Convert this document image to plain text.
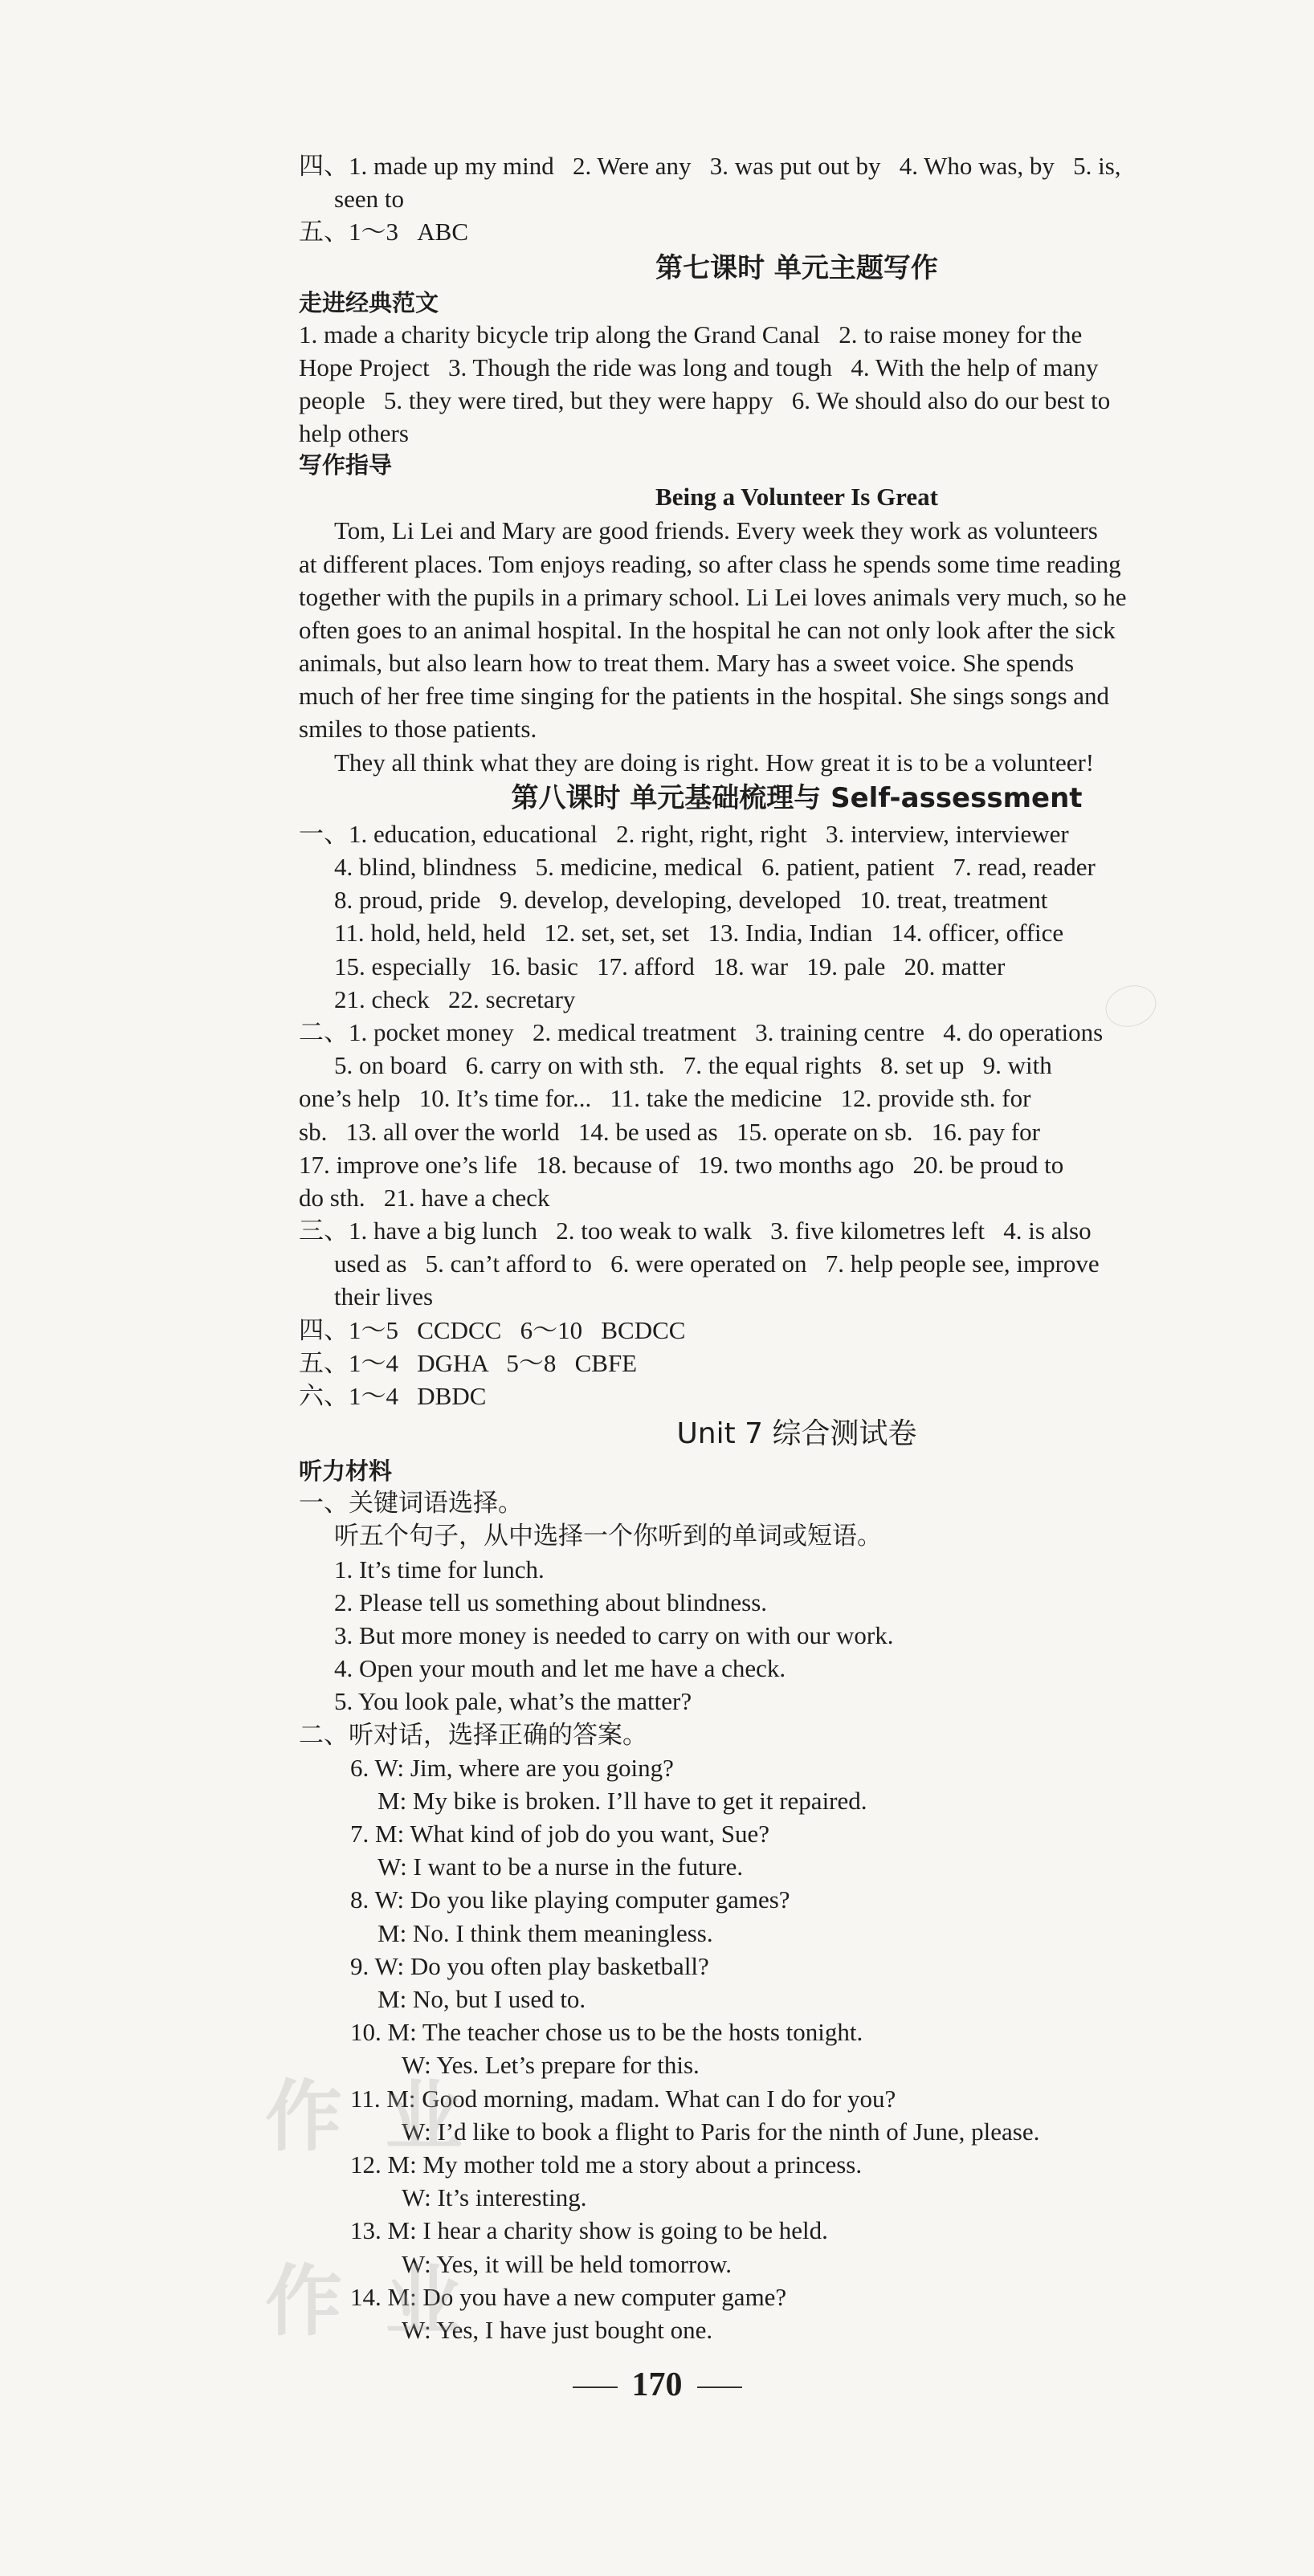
四、1. made up my mind   2. Were any   3. was put out by   4. Who was, by   5. is,
seen to
五、1～3   ABC
第七课时 单元主题写作
走进经典范文
1. made a charity bicycle trip along the Grand Canal   2. to raise money for the
Hope Project   3. Though the ride was long and tough   4. With the help of many
people   5. they were tired, but they were happy   6. We should also do our best to
help others
写作指导
Being a Volunteer Is Great
Tom, Li Lei and Mary are good friends. Every week they work as volunteers
at different places. Tom enjoys reading, so after class he spends some time reading
together with the pupils in a primary school. Li Lei loves animals very much, so he
often goes to an animal hospital. In the hospital he can not only look after the sick
animals, but also learn how to treat them. Mary has a sweet voice. She spends
much of her free time singing for the patients in the hospital. She sings songs and
smiles to those patients.
They all think what they are doing is right. How great it is to be a volunteer!
第八课时 单元基础梳理与 Self-assessment
一、1. education, educational   2. right, right, right   3. interview, interviewer
4. blind, blindness   5. medicine, medical   6. patient, patient   7. read, reader
8. proud, pride   9. develop, developing, developed   10. treat, treatment
11. hold, held, held   12. set, set, set   13. India, Indian   14. officer, office
15. especially   16. basic   17. afford   18. war   19. pale   20. matter
21. check   22. secretary
二、1. pocket money   2. medical treatment   3. training centre   4. do operations
5. on board   6. carry on with sth.   7. the equal rights   8. set up   9. with
one’s help   10. It’s time for...   11. take the medicine   12. provide sth. for
sb.   13. all over the world   14. be used as   15. operate on sb.   16. pay for
17. improve one’s life   18. because of   19. two months ago   20. be proud to
do sth.   21. have a check
三、1. have a big lunch   2. too weak to walk   3. five kilometres left   4. is also
used as   5. can’t afford to   6. were operated on   7. help people see, improve
their lives
四、1～5   CCDCC   6～10   BCDCC
五、1～4   DGHA   5～8   CBFE
六、1～4   DBDC
Unit 7 综合测试卷
听力材料
一、关键词语选择。
听五个句子，从中选择一个你听到的单词或短语。
1. It’s time for lunch.
2. Please tell us something about blindness.
3. But more money is needed to carry on with our work.
4. Open your mouth and let me have a check.
5. You look pale, what’s the matter?
二、听对话，选择正确的答案。
6. W: Jim, where are you going?
M: My bike is broken. I’ll have to get it repaired.
7. M: What kind of job do you want, Sue?
W: I want to be a nurse in the future.
8. W: Do you like playing computer games?
M: No. I think them meaningless.
9. W: Do you often play basketball?
M: No, but I used to.
10. M: The teacher chose us to be the hosts tonight.
W: Yes. Let’s prepare for this.
11. M: Good morning, madam. What can I do for you?
W: I’d like to book a flight to Paris for the ninth of June, please.
12. M: My mother told me a story about a princess.
W: It’s interesting.
13. M: I hear a charity show is going to be held.
W: Yes, it will be held tomorrow.
14. M: Do you have a new computer game?
W: Yes, I have just bought one.
作 业
作 业
170
